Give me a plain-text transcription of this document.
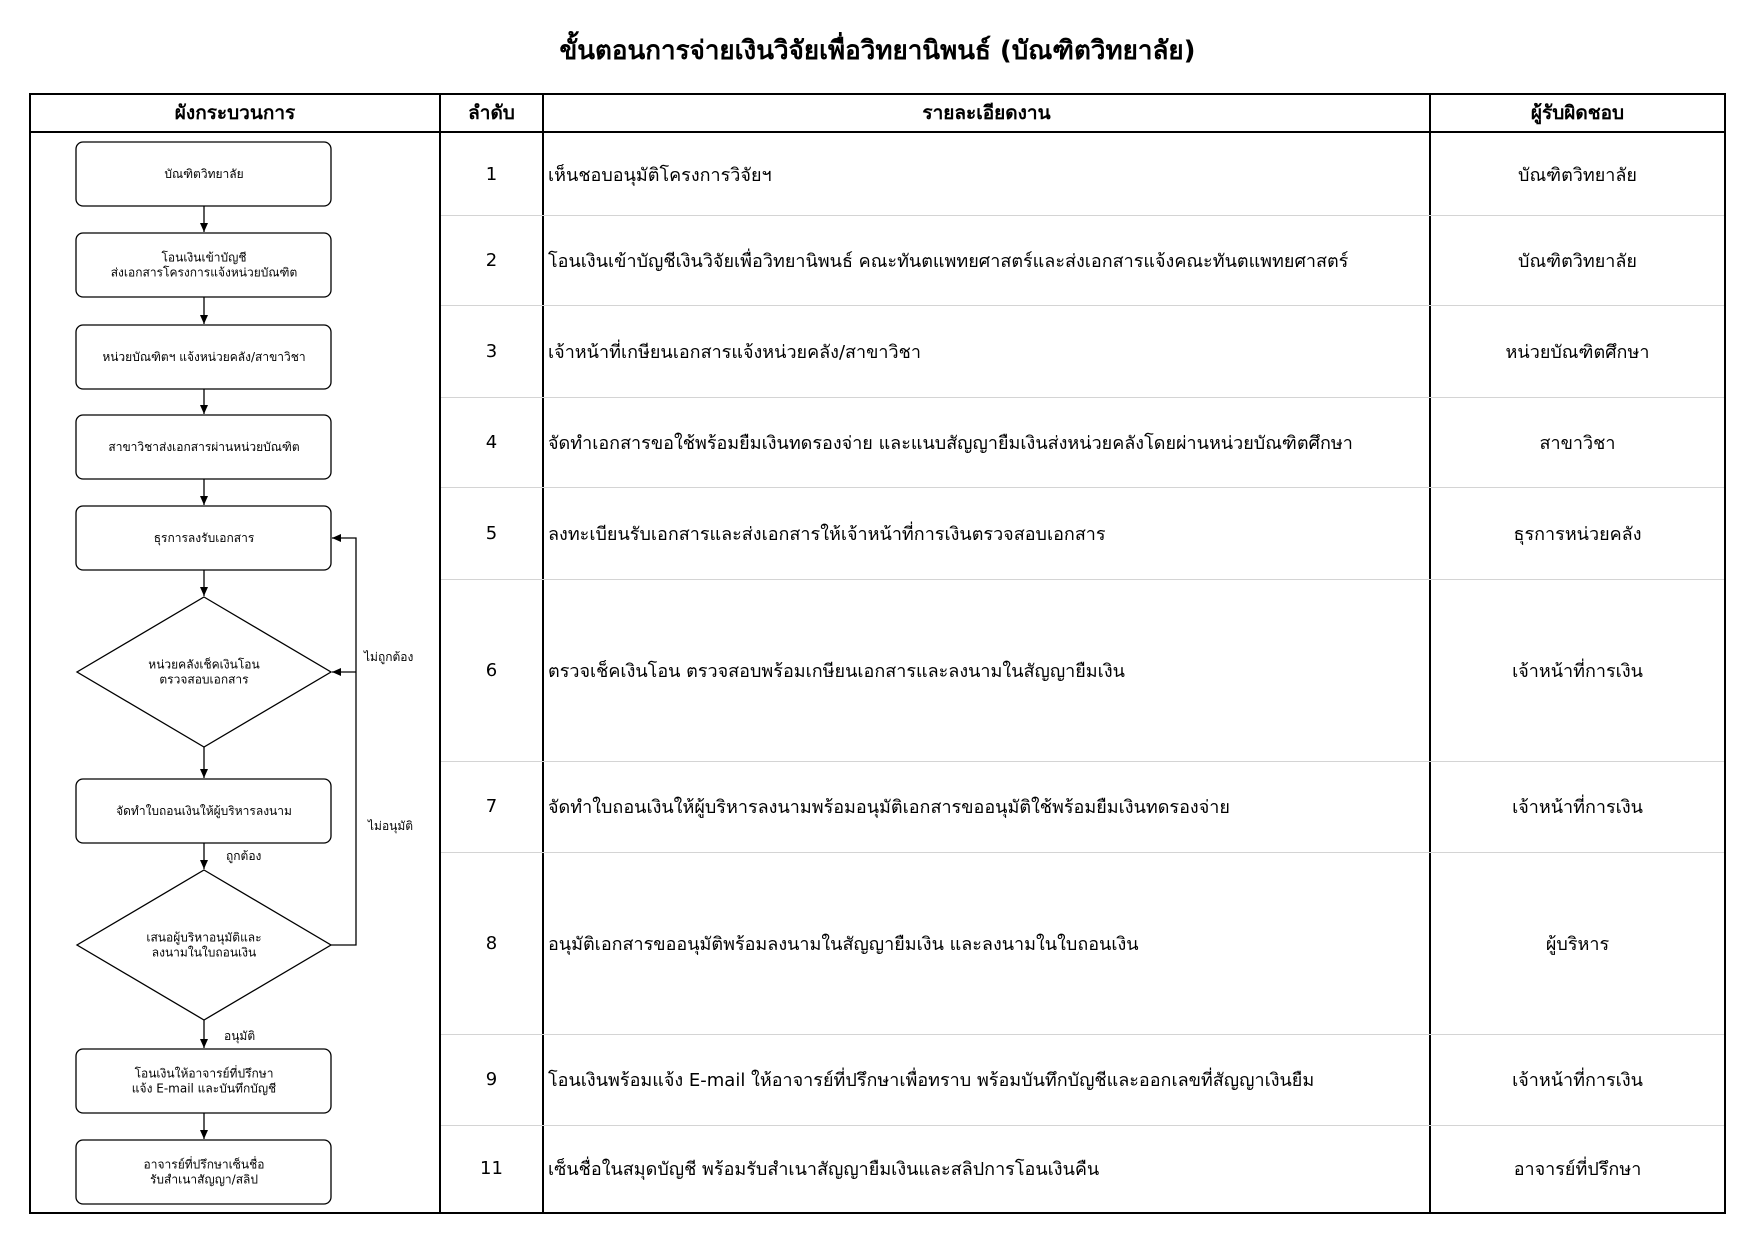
ขั้นตอนการจ่ายเงินวิจัยเพื่อวิทยานิพนธ์ (บัณฑิตวิทยาลัย)
ผังกระบวนการ	ลำดับ	รายละเอียดงาน	ผู้รับผิดชอบ
1	เห็นชอบอนุมัติโครงการวิจัยฯ	บัณฑิตวิทยาลัย
2	โอนเงินเข้าบัญชีเงินวิจัยเพื่อวิทยานิพนธ์ คณะทันตแพทยศาสตร์และส่งเอกสารแจ้งคณะทันตแพทยศาสตร์	บัณฑิตวิทยาลัย
3	เจ้าหน้าที่เกษียนเอกสารแจ้งหน่วยคลัง/สาขาวิชา	หน่วยบัณฑิตศึกษา
4	จัดทำเอกสารขอใช้พร้อมยืมเงินทดรองจ่าย และแนบสัญญายืมเงินส่งหน่วยคลังโดยผ่านหน่วยบัณฑิตศึกษา	สาขาวิชา
5	ลงทะเบียนรับเอกสารและส่งเอกสารให้เจ้าหน้าที่การเงินตรวจสอบเอกสาร	ธุรการหน่วยคลัง
6	ตรวจเช็คเงินโอน ตรวจสอบพร้อมเกษียนเอกสารและลงนามในสัญญายืมเงิน	เจ้าหน้าที่การเงิน
7	จัดทำใบถอนเงินให้ผู้บริหารลงนามพร้อมอนุมัติเอกสารขออนุมัติใช้พร้อมยืมเงินทดรองจ่าย	เจ้าหน้าที่การเงิน
8	อนุมัติเอกสารขออนุมัติพร้อมลงนามในสัญญายืมเงิน และลงนามในใบถอนเงิน	ผู้บริหาร
9	โอนเงินพร้อมแจ้ง E-mail ให้อาจารย์ที่ปรึกษาเพื่อทราบ พร้อมบันทึกบัญชีและออกเลขที่สัญญาเงินยืม	เจ้าหน้าที่การเงิน
11	เซ็นชื่อในสมุดบัญชี พร้อมรับสำเนาสัญญายืมเงินและสลิปการโอนเงินคืน	อาจารย์ที่ปรึกษา
บัณฑิตวิทยาลัย
โอนเงินเข้าบัญชีส่งเอกสารโครงการแจ้งหน่วยบัณฑิต
หน่วยบัณฑิตฯ แจ้งหน่วยคลัง/สาขาวิชา
สาขาวิชาส่งเอกสารผ่านหน่วยบัณฑิต
ธุรการลงรับเอกสาร
หน่วยคลังเช็คเงินโอนตรวจสอบเอกสาร
จัดทำใบถอนเงินให้ผู้บริหารลงนาม
เสนอผู้บริหาอนุมัติและลงนามในใบถอนเงิน
โอนเงินให้อาจารย์ที่ปรึกษาแจ้ง E-mail และบันทึกบัญชี
อาจารย์ที่ปรึกษาเซ็นชื่อรับสำเนาสัญญา/สลิป
ไม่ถูกต้อง
ไม่อนุมัติ
ถูกต้อง
อนุมัติ
